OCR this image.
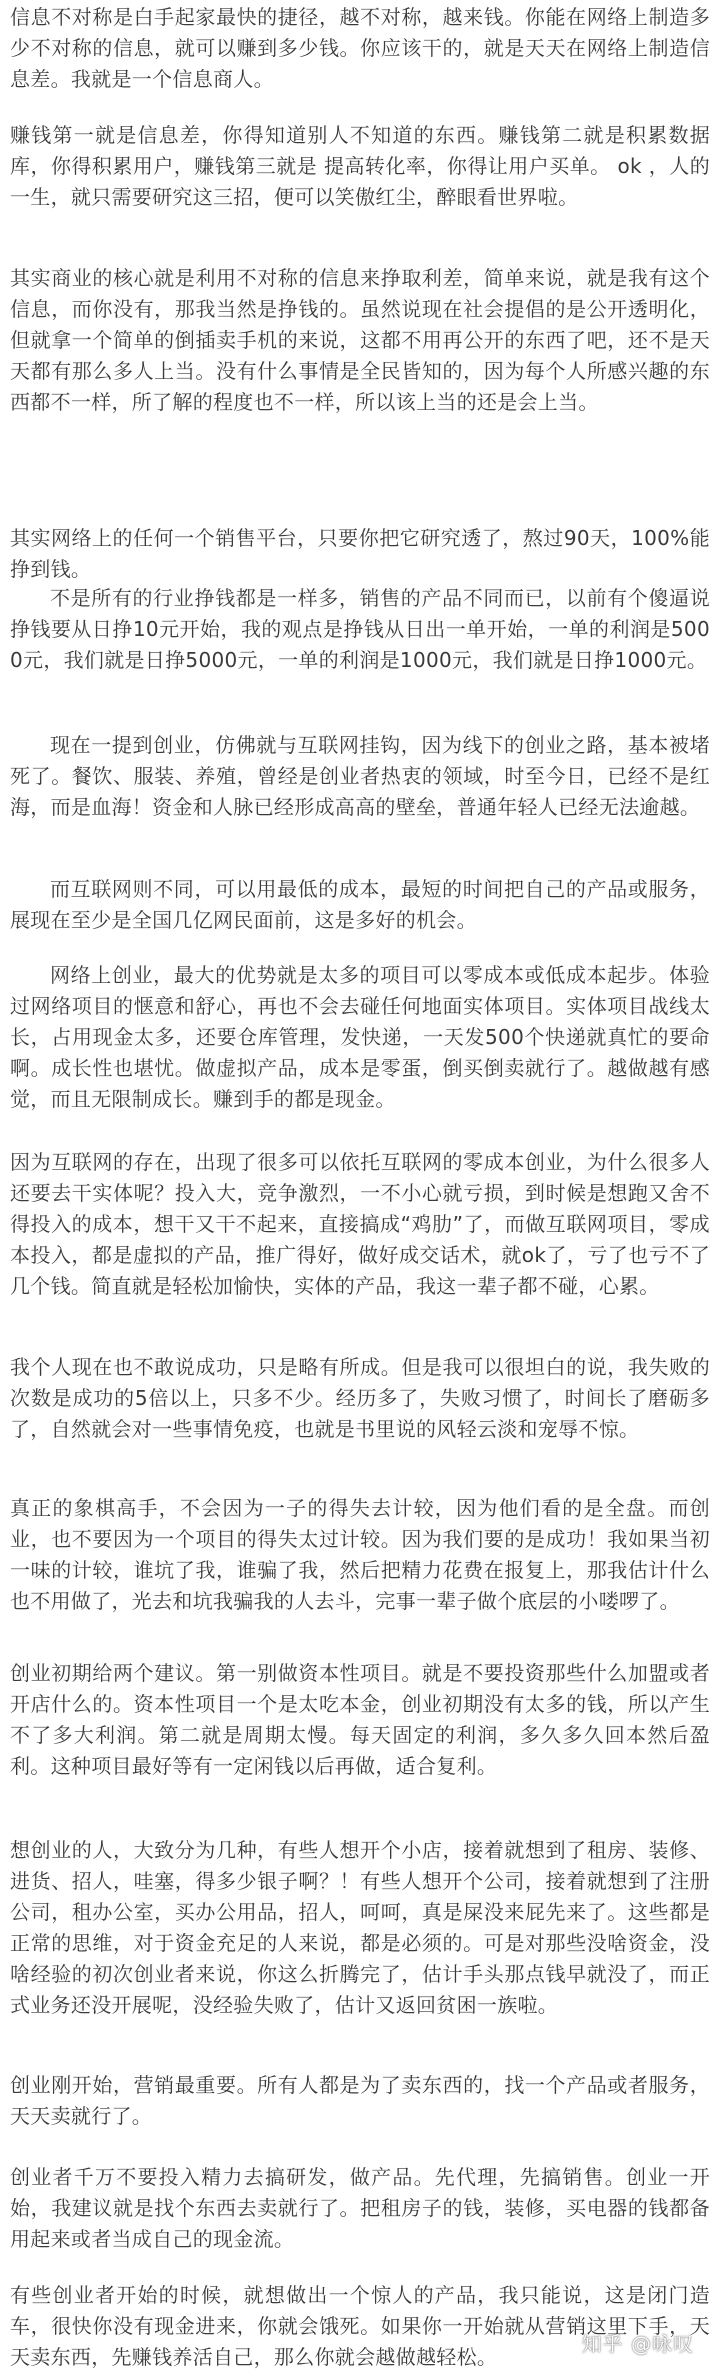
信息不对称是白手起家最快的捷径，越不对称，越来钱。你能在网络上制造多少不对称的信息，就可以赚到多少钱。你应该干的，就是天天在网络上制造信息差。我就是一个信息商人。

赚钱第一就是信息差，你得知道别人不知道的东西。赚钱第二就是积累数据库，你得积累用户，赚钱第三就是 提高转化率，你得让用户买单。 ok ，人的一生，就只需要研究这三招，便可以笑傲红尘，醉眼看世界啦。

其实商业的核心就是利用不对称的信息来挣取利差，简单来说，就是我有这个信息，而你没有，那我当然是挣钱的。虽然说现在社会提倡的是公开透明化，但就拿一个简单的倒插卖手机的来说，这都不用再公开的东西了吧，还不是天天都有那么多人上当。没有什么事情是全民皆知的，因为每个人所感兴趣的东西都不一样，所了解的程度也不一样，所以该上当的还是会上当。

其实网络上的任何一个销售平台，只要你把它研究透了，熬过90天，100%能挣到钱。

不是所有的行业挣钱都是一样多，销售的产品不同而已，以前有个傻逼说挣钱要从日挣10元开始，我的观点是挣钱从日出一单开始，一单的利润是5000元，我们就是日挣5000元，一单的利润是1000元，我们就是日挣1000元。

现在一提到创业，仿佛就与互联网挂钩，因为线下的创业之路，基本被堵死了。餐饮、服装、养殖，曾经是创业者热衷的领域，时至今日，已经不是红海，而是血海！资金和人脉已经形成高高的壁垒，普通年轻人已经无法逾越。

而互联网则不同，可以用最低的成本，最短的时间把自己的产品或服务，展现在至少是全国几亿网民面前，这是多好的机会。

网络上创业，最大的优势就是太多的项目可以零成本或低成本起步。体验过网络项目的惬意和舒心，再也不会去碰任何地面实体项目。实体项目战线太长，占用现金太多，还要仓库管理，发快递，一天发500个快递就真忙的要命啊。成长性也堪忧。做虚拟产品，成本是零蛋，倒买倒卖就行了。越做越有感觉，而且无限制成长。赚到手的都是现金。

因为互联网的存在，出现了很多可以依托互联网的零成本创业，为什么很多人还要去干实体呢？投入大，竞争激烈，一不小心就亏损，到时候是想跑又舍不得投入的成本，想干又干不起来，直接搞成“鸡肋”了，而做互联网项目，零成本投入，都是虚拟的产品，推广得好，做好成交话术，就ok了，亏了也亏不了几个钱。简直就是轻松加愉快，实体的产品，我这一辈子都不碰，心累。

我个人现在也不敢说成功，只是略有所成。但是我可以很坦白的说，我失败的次数是成功的5倍以上，只多不少。经历多了，失败习惯了，时间长了磨砺多了，自然就会对一些事情免疫，也就是书里说的风轻云淡和宠辱不惊。

真正的象棋高手，不会因为一子的得失去计较，因为他们看的是全盘。而创业，也不要因为一个项目的得失太过计较。因为我们要的是成功！我如果当初一味的计较，谁坑了我，谁骗了我，然后把精力花费在报复上，那我估计什么也不用做了，光去和坑我骗我的人去斗，完事一辈子做个底层的小喽啰了。

创业初期给两个建议。第一别做资本性项目。就是不要投资那些什么加盟或者开店什么的。资本性项目一个是太吃本金，创业初期没有太多的钱，所以产生不了多大利润。第二就是周期太慢。每天固定的利润，多久多久回本然后盈利。这种项目最好等有一定闲钱以后再做，适合复利。

想创业的人，大致分为几种，有些人想开个小店，接着就想到了租房、装修、进货、招人，哇塞，得多少银子啊？！有些人想开个公司，接着就想到了注册公司，租办公室，买办公用品，招人，呵呵，真是屎没来屁先来了。这些都是正常的思维，对于资金充足的人来说，都是必须的。可是对那些没啥资金，没啥经验的初次创业者来说，你这么折腾完了，估计手头那点钱早就没了，而正式业务还没开展呢，没经验失败了，估计又返回贫困一族啦。

创业刚开始，营销最重要。所有人都是为了卖东西的，找一个产品或者服务，天天卖就行了。

创业者千万不要投入精力去搞研发，做产品。先代理，先搞销售。创业一开始，我建议就是找个东西去卖就行了。把租房子的钱，装修，买电器的钱都备用起来或者当成自己的现金流。

有些创业者开始的时候，就想做出一个惊人的产品，我只能说，这是闭门造车，很快你没有现金进来，你就会饿死。如果你一开始就从营销这里下手，天天卖东西，先赚钱养活自己，那么你就会越做越轻松。

知乎 @咏叹
